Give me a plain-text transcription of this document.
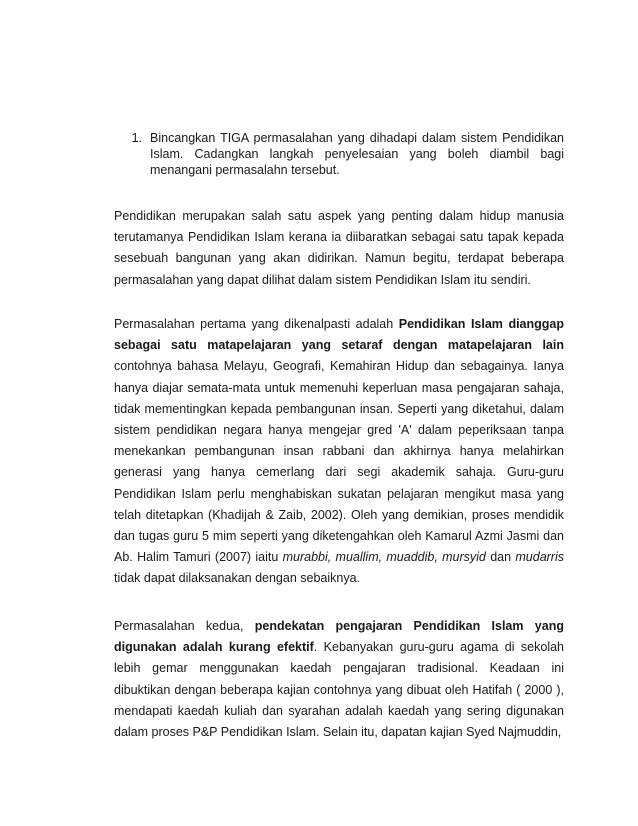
1. Bincangkan TIGA permasalahan yang dihadapi dalam sistem Pendidikan Islam. Cadangkan langkah penyelesaian yang boleh diambil bagi menangani permasalahn tersebut.

Pendidikan merupakan salah satu aspek yang penting dalam hidup manusia terutamanya Pendidikan Islam kerana ia diibaratkan sebagai satu tapak kepada sesebuah bangunan yang akan didirikan. Namun begitu, terdapat beberapa permasalahan yang dapat dilihat dalam sistem Pendidikan Islam itu sendiri.

Permasalahan pertama yang dikenalpasti adalah Pendidikan Islam dianggap sebagai satu matapelajaran yang setaraf dengan matapelajaran lain contohnya bahasa Melayu, Geografi, Kemahiran Hidup dan sebagainya. Ianya hanya diajar semata-mata untuk memenuhi keperluan masa pengajaran sahaja, tidak mementingkan kepada pembangunan insan. Seperti yang diketahui, dalam sistem pendidikan negara hanya mengejar gred 'A' dalam peperiksaan tanpa menekankan pembangunan insan rabbani dan akhirnya hanya melahirkan generasi yang hanya cemerlang dari segi akademik sahaja. Guru-guru Pendidikan Islam perlu menghabiskan sukatan pelajaran mengikut masa yang telah ditetapkan (Khadijah & Zaib, 2002). Oleh yang demikian, proses mendidik dan tugas guru 5 mim seperti yang diketengahkan oleh Kamarul Azmi Jasmi dan Ab. Halim Tamuri (2007) iaitu murabbi, muallim, muaddib, mursyid dan mudarris tidak dapat dilaksanakan dengan sebaiknya.

Permasalahan kedua, pendekatan pengajaran Pendidikan Islam yang digunakan adalah kurang efektif. Kebanyakan guru-guru agama di sekolah lebih gemar menggunakan kaedah pengajaran tradisional. Keadaan ini dibuktikan dengan beberapa kajian contohnya yang dibuat oleh Hatifah ( 2000 ), mendapati kaedah kuliah dan syarahan adalah kaedah yang sering digunakan dalam proses P&P Pendidikan Islam. Selain itu, dapatan kajian Syed Najmuddin,
